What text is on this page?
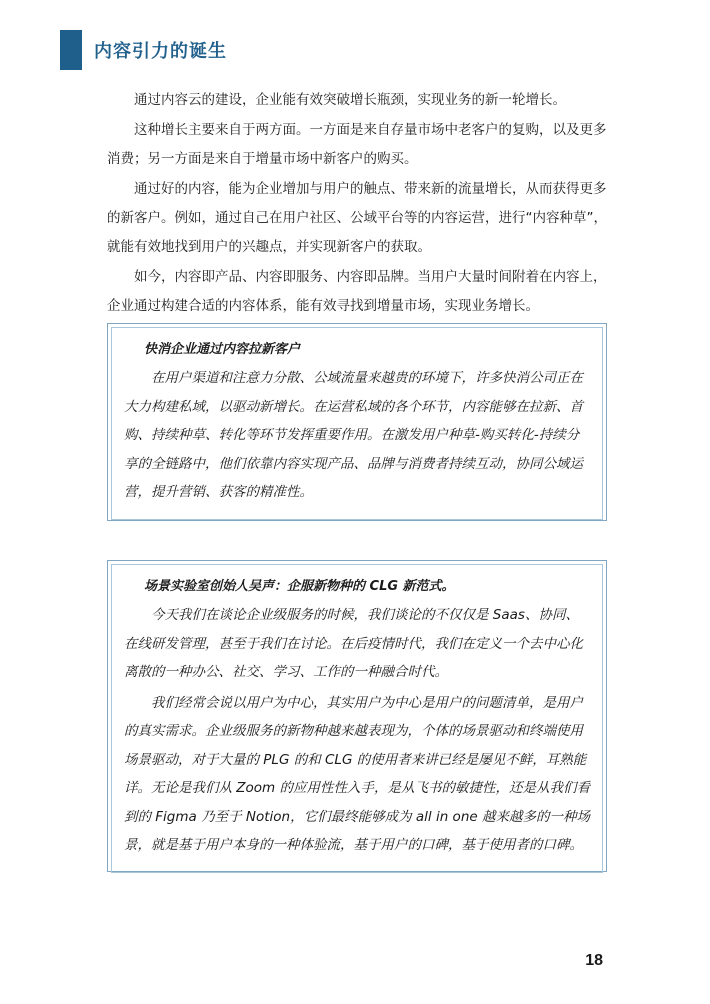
内容引力的诞生

通过内容云的建设，企业能有效突破增长瓶颈，实现业务的新一轮增长。

这种增长主要来自于两方面。一方面是来自存量市场中老客户的复购，以及更多消费；另一方面是来自于增量市场中新客户的购买。

通过好的内容，能为企业增加与用户的触点、带来新的流量增长，从而获得更多的新客户。例如，通过自己在用户社区、公域平台等的内容运营，进行“内容种草”，就能有效地找到用户的兴趣点，并实现新客户的获取。

如今，内容即产品、内容即服务、内容即品牌。当用户大量时间附着在内容上，企业通过构建合适的内容体系，能有效寻找到增量市场，实现业务增长。

快消企业通过内容拉新客户

在用户渠道和注意力分散、公域流量来越贵的环境下，许多快消公司正在大力构建私域，以驱动新增长。在运营私域的各个环节，内容能够在拉新、首购、持续种草、转化等环节发挥重要作用。在激发用户种草-购买转化-持续分享的全链路中，他们依靠内容实现产品、品牌与消费者持续互动，协同公域运营，提升营销、获客的精准性。

场景实验室创始人吴声：企服新物种的 CLG 新范式。

今天我们在谈论企业级服务的时候，我们谈论的不仅仅是 Saas、协同、在线研发管理，甚至于我们在讨论。在后疫情时代，我们在定义一个去中心化离散的一种办公、社交、学习、工作的一种融合时代。

我们经常会说以用户为中心，其实用户为中心是用户的问题清单，是用户的真实需求。企业级服务的新物种越来越表现为，个体的场景驱动和终端使用场景驱动，对于大量的 PLG 的和 CLG 的使用者来讲已经是屡见不鲜，耳熟能详。无论是我们从 Zoom 的应用性性入手，是从飞书的敏捷性，还是从我们看到的 Figma 乃至于 Notion，它们最终能够成为 all in one 越来越多的一种场景，就是基于用户本身的一种体验流，基于用户的口碑，基于使用者的口碑。

18
